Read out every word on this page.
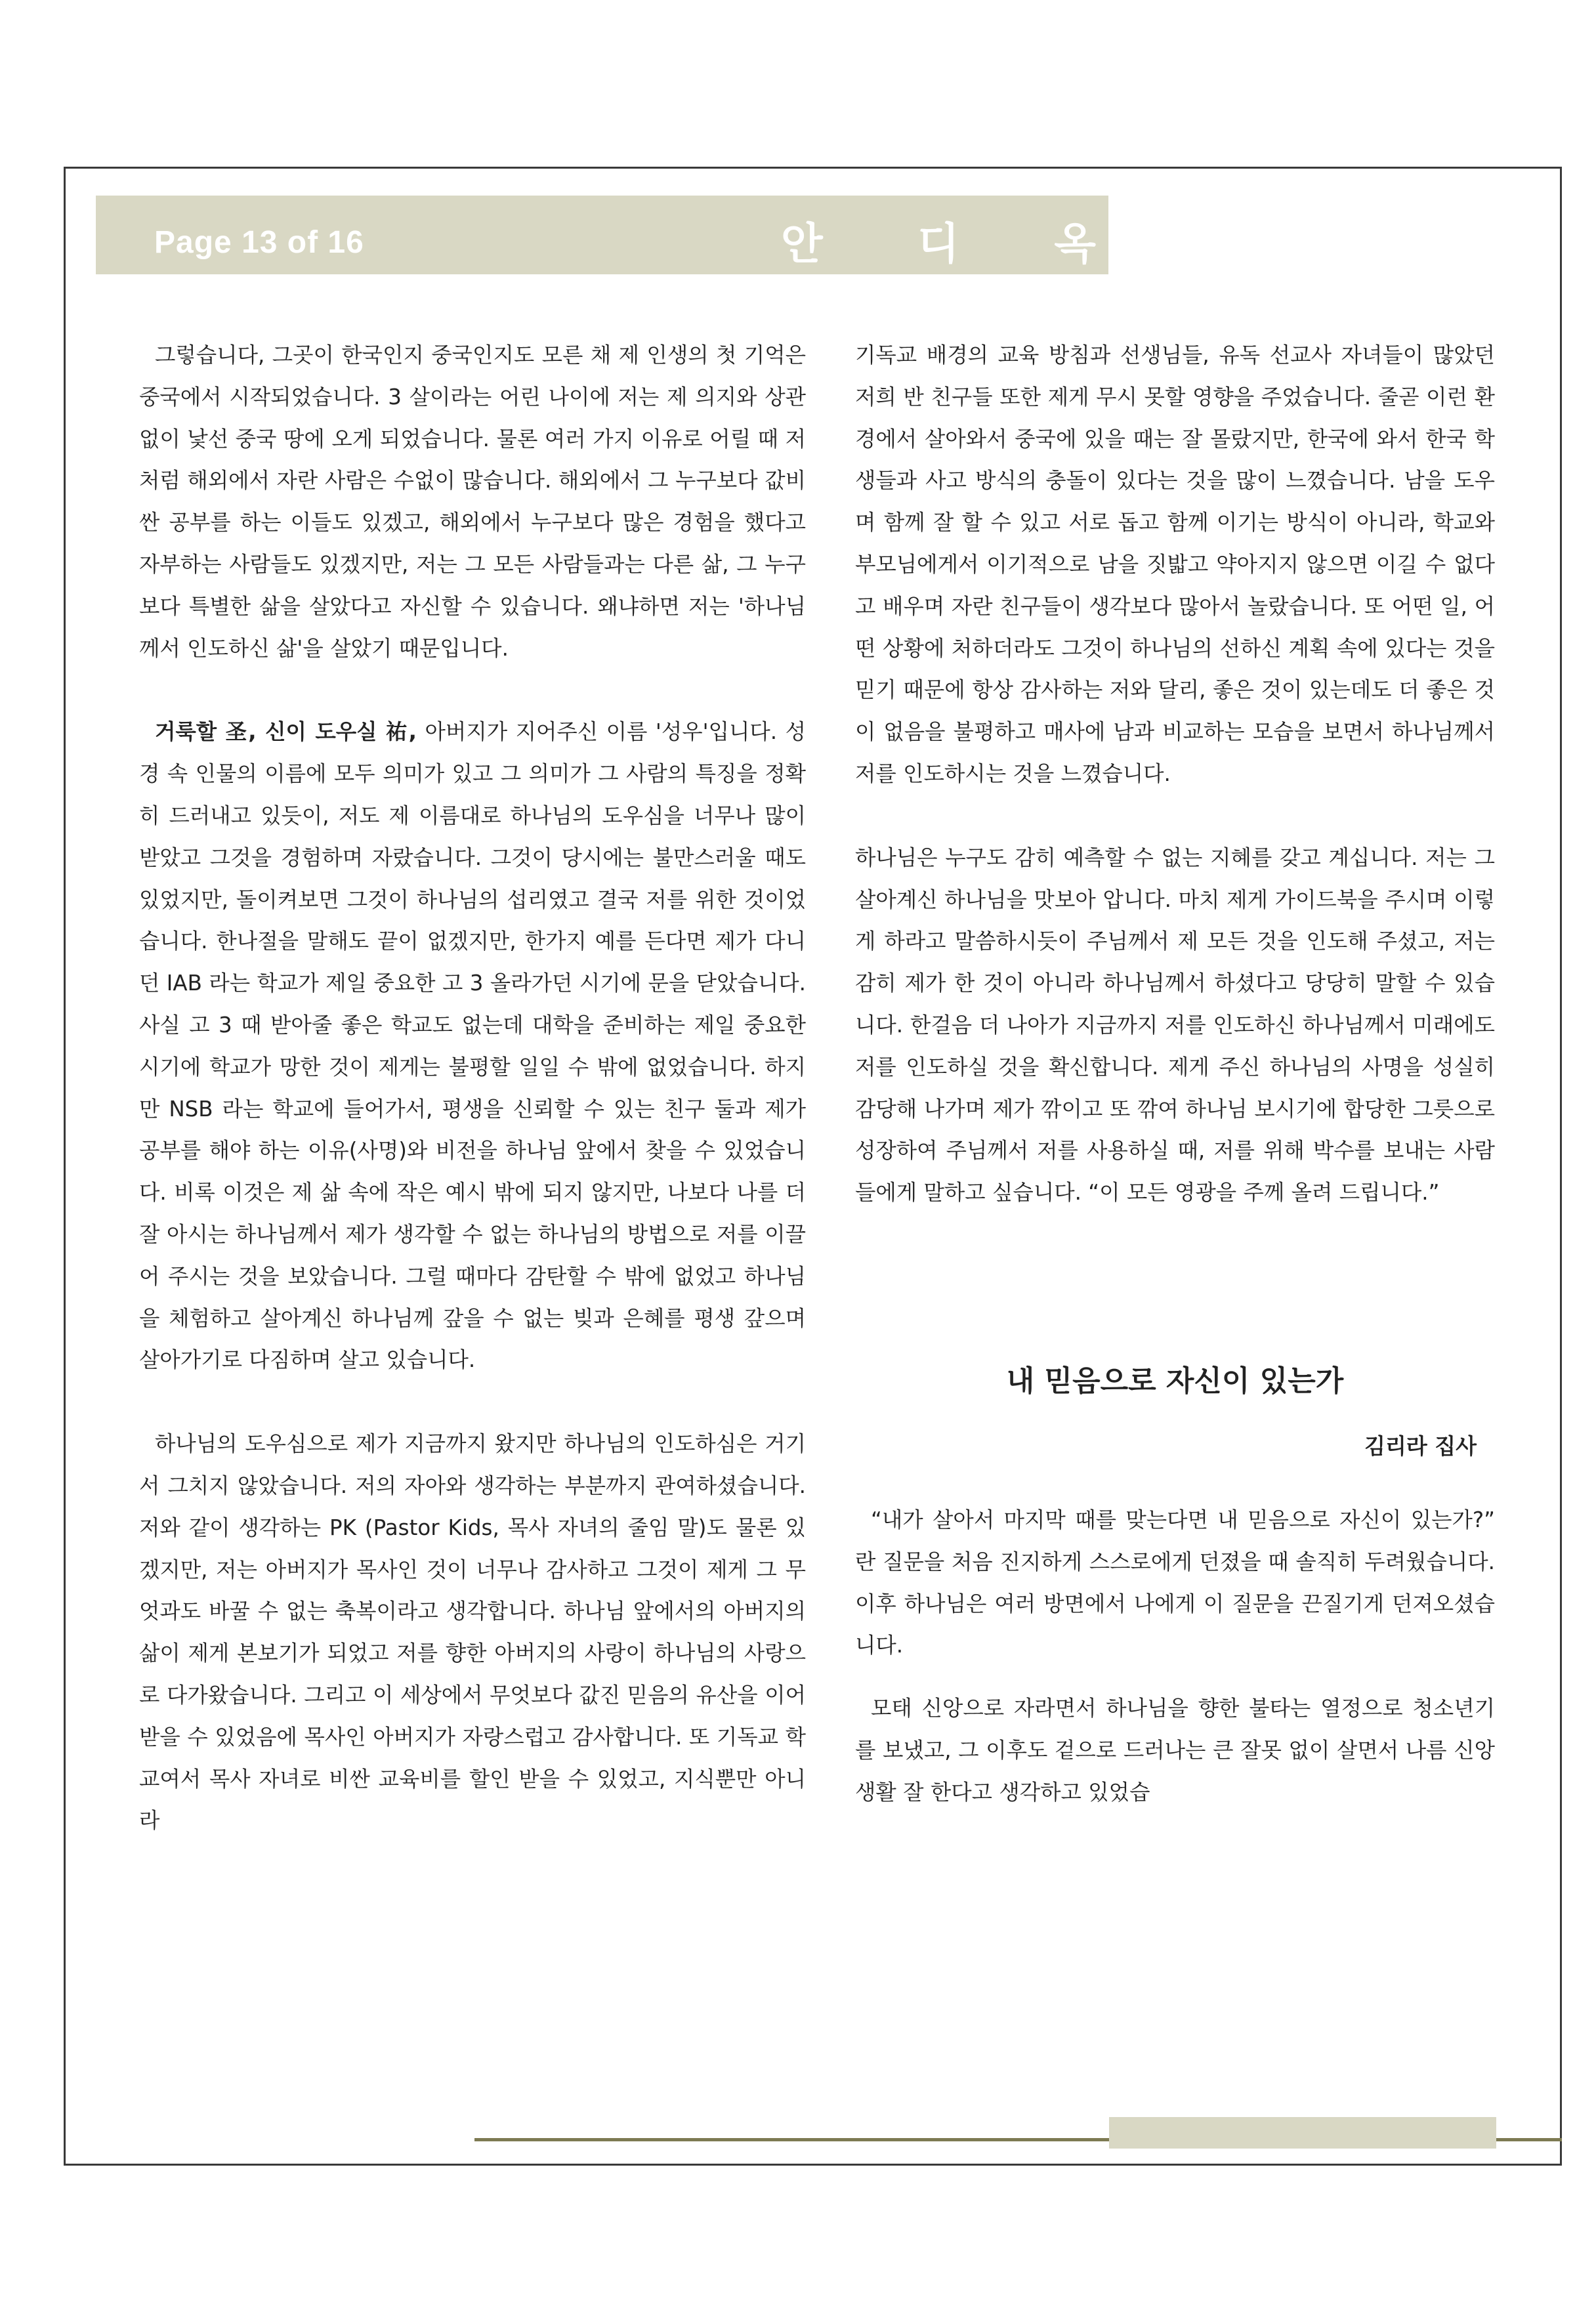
Page 13 of 16	안 디 옥

그렇습니다, 그곳이 한국인지 중국인지도 모른 채 제 인생의 첫 기억은 중국에서 시작되었습니다. 3 살이라는 어린 나이에 저는 제 의지와 상관없이 낯선 중국 땅에 오게 되었습니다. 물론 여러 가지 이유로 어릴 때 저처럼 해외에서 자란 사람은 수없이 많습니다. 해외에서 그 누구보다 값비싼 공부를 하는 이들도 있겠고, 해외에서 누구보다 많은 경험을 했다고 자부하는 사람들도 있겠지만, 저는 그 모든 사람들과는 다른 삶, 그 누구보다 특별한 삶을 살았다고 자신할 수 있습니다. 왜냐하면 저는 '하나님께서 인도하신 삶'을 살았기 때문입니다.

거룩할 圣, 신이 도우실 祐, 아버지가 지어주신 이름 '성우'입니다. 성경 속 인물의 이름에 모두 의미가 있고 그 의미가 그 사람의 특징을 정확히 드러내고 있듯이, 저도 제 이름대로 하나님의 도우심을 너무나 많이 받았고 그것을 경험하며 자랐습니다. 그것이 당시에는 불만스러울 때도 있었지만, 돌이켜보면 그것이 하나님의 섭리였고 결국 저를 위한 것이었습니다. 한나절을 말해도 끝이 없겠지만, 한가지 예를 든다면 제가 다니던 IAB 라는 학교가 제일 중요한 고 3 올라가던 시기에 문을 닫았습니다. 사실 고 3 때 받아줄 좋은 학교도 없는데 대학을 준비하는 제일 중요한 시기에 학교가 망한 것이 제게는 불평할 일일 수 밖에 없었습니다. 하지만 NSB 라는 학교에 들어가서, 평생을 신뢰할 수 있는 친구 둘과 제가 공부를 해야 하는 이유(사명)와 비전을 하나님 앞에서 찾을 수 있었습니다. 비록 이것은 제 삶 속에 작은 예시 밖에 되지 않지만, 나보다 나를 더 잘 아시는 하나님께서 제가 생각할 수 없는 하나님의 방법으로 저를 이끌어 주시는 것을 보았습니다. 그럴 때마다 감탄할 수 밖에 없었고 하나님을 체험하고 살아계신 하나님께 갚을 수 없는 빚과 은혜를 평생 갚으며 살아가기로 다짐하며 살고 있습니다.

하나님의 도우심으로 제가 지금까지 왔지만 하나님의 인도하심은 거기서 그치지 않았습니다. 저의 자아와 생각하는 부분까지 관여하셨습니다. 저와 같이 생각하는 PK (Pastor Kids, 목사 자녀의 줄임 말)도 물론 있겠지만, 저는 아버지가 목사인 것이 너무나 감사하고 그것이 제게 그 무엇과도 바꿀 수 없는 축복이라고 생각합니다. 하나님 앞에서의 아버지의 삶이 제게 본보기가 되었고 저를 향한 아버지의 사랑이 하나님의 사랑으로 다가왔습니다. 그리고 이 세상에서 무엇보다 값진 믿음의 유산을 이어받을 수 있었음에 목사인 아버지가 자랑스럽고 감사합니다. 또 기독교 학교여서 목사 자녀로 비싼 교육비를 할인 받을 수 있었고, 지식뿐만 아니라

기독교 배경의 교육 방침과 선생님들, 유독 선교사 자녀들이 많았던 저희 반 친구들 또한 제게 무시 못할 영향을 주었습니다. 줄곧 이런 환경에서 살아와서 중국에 있을 때는 잘 몰랐지만, 한국에 와서 한국 학생들과 사고 방식의 충돌이 있다는 것을 많이 느꼈습니다. 남을 도우며 함께 잘 할 수 있고 서로 돕고 함께 이기는 방식이 아니라, 학교와 부모님에게서 이기적으로 남을 짓밟고 약아지지 않으면 이길 수 없다고 배우며 자란 친구들이 생각보다 많아서 놀랐습니다. 또 어떤 일, 어떤 상황에 처하더라도 그것이 하나님의 선하신 계획 속에 있다는 것을 믿기 때문에 항상 감사하는 저와 달리, 좋은 것이 있는데도 더 좋은 것이 없음을 불평하고 매사에 남과 비교하는 모습을 보면서 하나님께서 저를 인도하시는 것을 느꼈습니다.

하나님은 누구도 감히 예측할 수 없는 지혜를 갖고 계십니다. 저는 그 살아계신 하나님을 맛보아 압니다. 마치 제게 가이드북을 주시며 이렇게 하라고 말씀하시듯이 주님께서 제 모든 것을 인도해 주셨고, 저는 감히 제가 한 것이 아니라 하나님께서 하셨다고 당당히 말할 수 있습니다. 한걸음 더 나아가 지금까지 저를 인도하신 하나님께서 미래에도 저를 인도하실 것을 확신합니다. 제게 주신 하나님의 사명을 성실히 감당해 나가며 제가 깎이고 또 깎여 하나님 보시기에 합당한 그릇으로 성장하여 주님께서 저를 사용하실 때, 저를 위해 박수를 보내는 사람들에게 말하고 싶습니다. “이 모든 영광을 주께 올려 드립니다.”

내 믿음으로 자신이 있는가
김리라 집사

“내가 살아서 마지막 때를 맞는다면 내 믿음으로 자신이 있는가?” 란 질문을 처음 진지하게 스스로에게 던졌을 때 솔직히 두려웠습니다. 이후 하나님은 여러 방면에서 나에게 이 질문을 끈질기게 던져오셨습니다.

모태 신앙으로 자라면서 하나님을 향한 불타는 열정으로 청소년기를 보냈고, 그 이후도 겉으로 드러나는 큰 잘못 없이 살면서 나름 신앙생활 잘 한다고 생각하고 있었습
